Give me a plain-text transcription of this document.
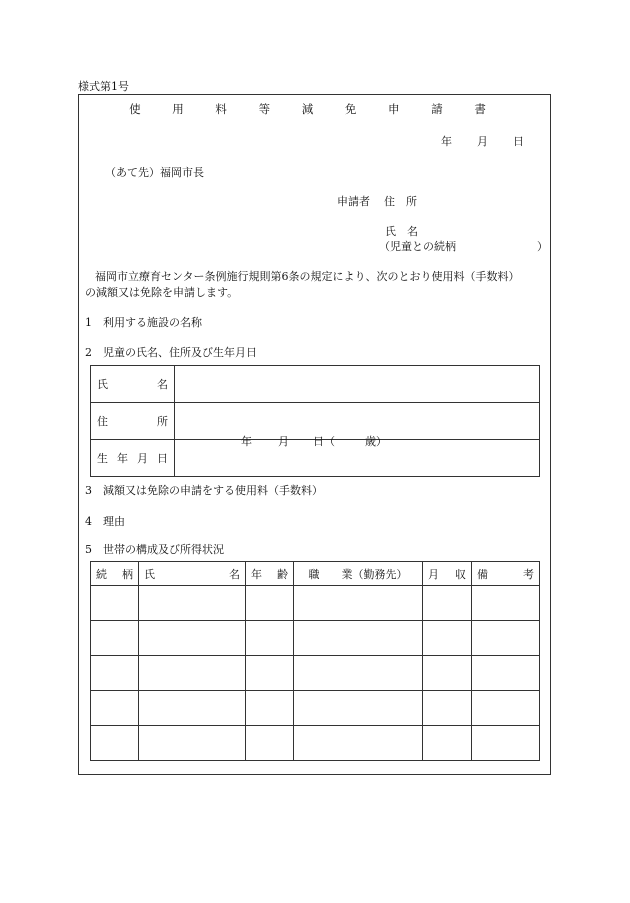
様式第1号
使 用 料 等 減 免 申 請 書
年 月 日
（あて先）福岡市長
申請者 住　所
氏　名
（児童との続柄	）
福岡市立療育センター条例施行規則第6条の規定により、次のとおり使用料（手数料）
の減額又は免除を申請します。
1　利用する施設の名称
2　児童の氏名、住所及び生年月日
氏 名	

住 所	

生 年 月 日	年 月 日（ 歳）
3　減額又は免除の申請をする使用料（手数料）
4　理由
5　世帯の構成及び所得状況
続 柄	氏 名	年 齢	職　　 業（勤務先）	月 収	備 考
